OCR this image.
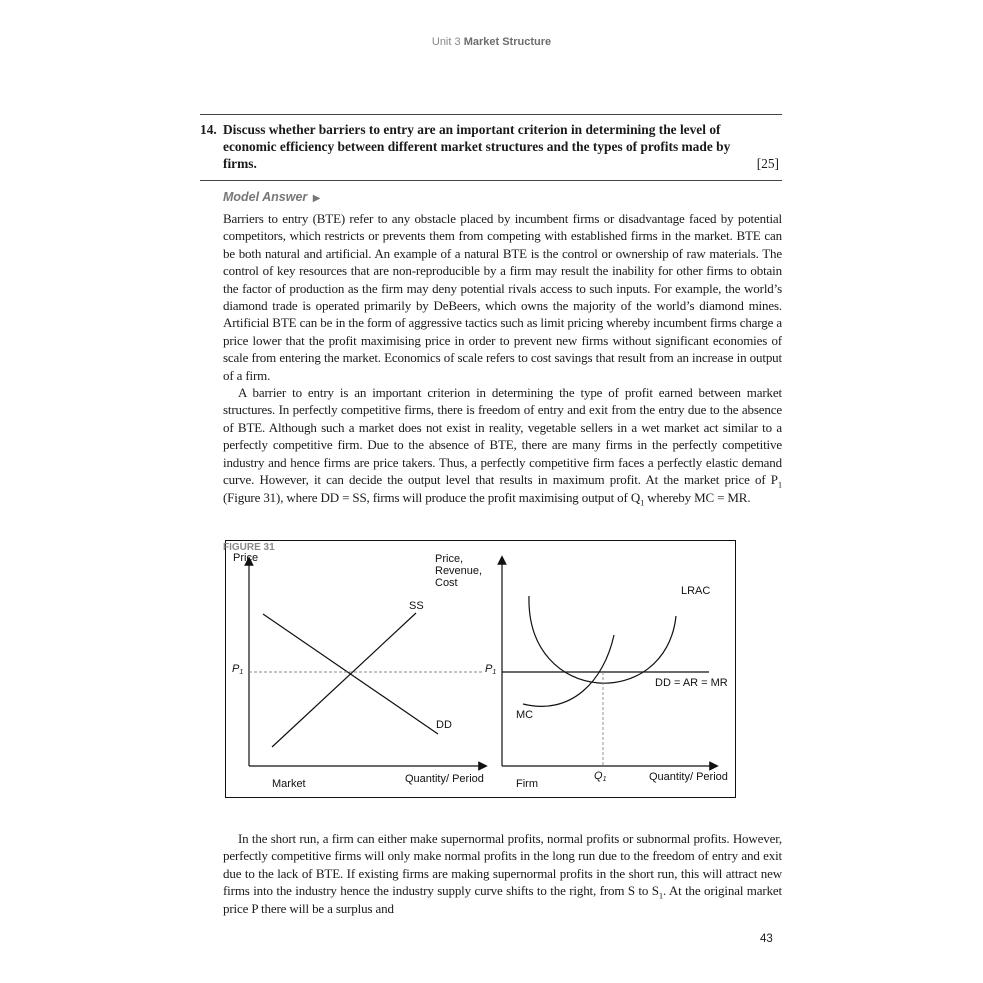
Unit 3 Market Structure
14. Discuss whether barriers to entry are an important criterion in determining the level of
economic efficiency between different market structures and the types of profits made by
firms.	[25]
Model Answer ▶

Barriers to entry (BTE) refer to any obstacle placed by incumbent firms or disadvantage faced by potential competitors, which restricts or prevents them from competing with established firms in the market. BTE can be both natural and artificial. An example of a natural BTE is the control or ownership of raw materials. The control of key resources that are non-reproducible by a firm may result the inability for other firms to obtain the factor of production as the firm may deny potential rivals access to such inputs. For example, the world’s diamond trade is operated primarily by DeBeers, which owns the majority of the world’s diamond mines. Artificial BTE can be in the form of aggressive tactics such as limit pricing whereby incumbent firms charge a price lower that the profit maximising price in order to prevent new firms without significant economies of scale from entering the market. Economics of scale refers to cost savings that result from an increase in output of a firm.

A barrier to entry is an important criterion in determining the type of profit earned between market structures. In perfectly competitive firms, there is freedom of entry and exit from the entry due to the absence of BTE. Although such a market does not exist in reality, vegetable sellers in a wet market act similar to a perfectly competitive firm. Due to the absence of BTE, there are many firms in the perfectly competitive industry and hence firms are price takers. Thus, a perfectly competitive firm faces a perfectly elastic demand curve. However, it can decide the output level that results in maximum profit. At the market price of $P_1$ (Figure 31), where DD = SS, firms will produce the profit maximising output of $Q_1$ whereby MC = MR.

Price
SS
DD
P1
Quantity/ Period
Market
Price, Revenue, Cost
LRAC
DD = AR = MR
MC
P1
Q1	Quantity/ Period
Firm
FIGURE 31

In the short run, a firm can either make supernormal profits, normal profits or subnormal profits. However, perfectly competitive firms will only make normal profits in the long run due to the freedom of entry and exit due to the lack of BTE. If existing firms are making supernormal profits in the short run, this will attract new firms into the industry hence the industry supply curve shifts to the right, from S to $S_1$. At the original market price P there will be a surplus and

43
